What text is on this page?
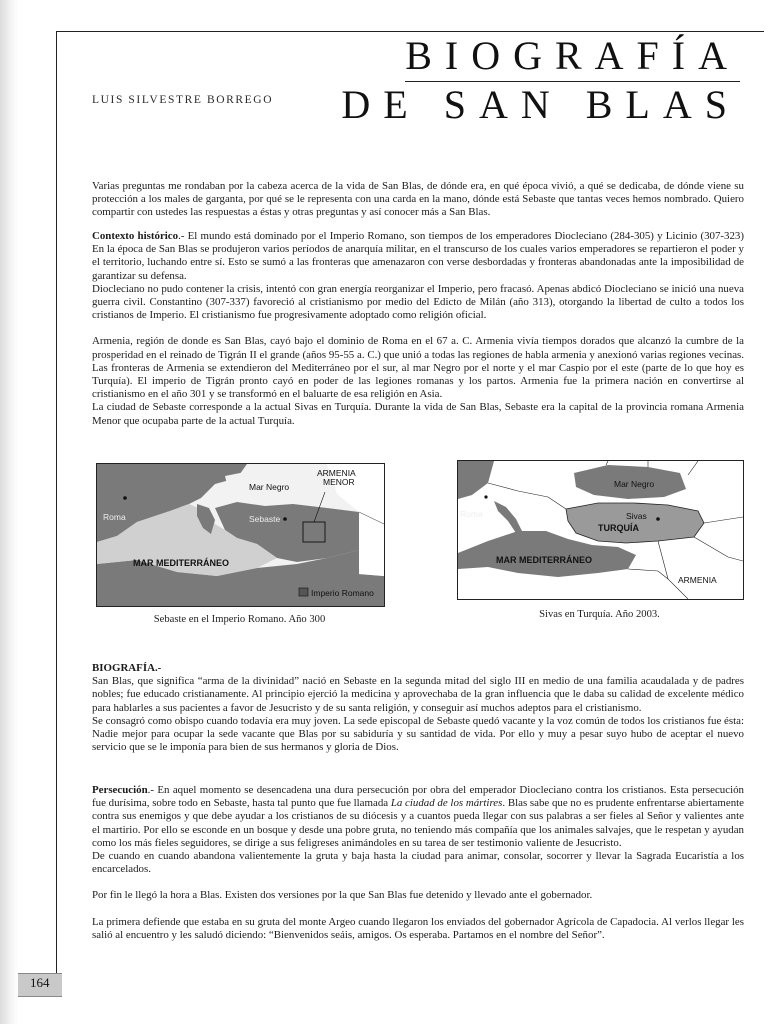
LUIS SILVESTRE BORREGO
BIOGRAFÍA
DE SAN BLAS

Varias preguntas me rondaban por la cabeza acerca de la vida de San Blas, de dónde era, en qué época vivió, a qué se dedicaba, de dónde viene su protección a los males de garganta, por qué se le representa con una carda en la mano, dónde está Sebaste que tantas veces hemos nombrado. Quiero compartir con ustedes las respuestas a éstas y otras preguntas y así conocer más a San Blas.

Contexto histórico.- El mundo está dominado por el Imperio Romano, son tiempos de los emperadores Diocleciano (284-305) y Licinio (307-323) En la época de San Blas se produjeron varios períodos de anarquía militar, en el transcurso de los cuales varios emperadores se repartieron el poder y el territorio, luchando entre sí. Esto se sumó a las fronteras que amenazaron con verse desbordadas y fronteras abandonadas ante la imposibilidad de garantizar su defensa.

Diocleciano no pudo contener la crisis, intentó con gran energía reorganizar el Imperio, pero fracasó. Apenas abdicó Diocleciano se inició una nueva guerra civil. Constantino (307-337) favoreció al cristianismo por medio del Edicto de Milán (año 313), otorgando la libertad de culto a todos los cristianos de Imperio. El cristianismo fue progresivamente adoptado como religión oficial.

Armenia, región de donde es San Blas, cayó bajo el dominio de Roma en el 67 a. C. Armenia vivía tiempos dorados que alcanzó la cumbre de la prosperidad en el reinado de Tigrán II el grande (años 95-55 a. C.) que unió a todas las regiones de habla armenia y anexionó varias regiones vecinas. Las fronteras de Armenia se extendieron del Mediterráneo por el sur, al mar Negro por el norte y el mar Caspio por el este (parte de lo que hoy es Turquía). El imperio de Tigrán pronto cayó en poder de las legiones romanas y los partos. Armenia fue la primera nación en convertirse al cristianismo en el año 301 y se transformó en el baluarte de esa religión en Asia.

La ciudad de Sebaste corresponde a la actual Sivas en Turquía. Durante la vida de San Blas, Sebaste era la capital de la provincia romana Armenia Menor que ocupaba parte de la actual Turquía.

Roma
Mar Negro
ARMENIA
MENOR
Sebaste
MAR MEDITERRÁNEO
Imperio Romano
Sebaste en el Imperio Romano. Año 300
Roma
Mar Negro
Sivas
TURQUÍA
MAR MEDITERRÁNEO
ARMENIA
Sivas en Turquía. Año 2003.

BIOGRAFÍA.-

San Blas, que significa “arma de la divinidad” nació en Sebaste en la segunda mitad del siglo III en medio de una familia acaudalada y de padres nobles; fue educado cristianamente. Al principio ejerció la medicina y aprovechaba de la gran influencia que le daba su calidad de excelente médico para hablarles a sus pacientes a favor de Jesucristo y de su santa religión, y conseguir así muchos adeptos para el cristianismo.

Se consagró como obispo cuando todavía era muy joven. La sede episcopal de Sebaste quedó vacante y la voz común de todos los cristianos fue ésta: Nadie mejor para ocupar la sede vacante que Blas por su sabiduría y su santidad de vida. Por ello y muy a pesar suyo hubo de aceptar el nuevo servicio que se le imponía para bien de sus hermanos y gloria de Dios.

Persecución.- En aquel momento se desencadena una dura persecución por obra del emperador Diocleciano contra los cristianos. Esta persecución fue durísima, sobre todo en Sebaste, hasta tal punto que fue llamada La ciudad de los mártires. Blas sabe que no es prudente enfrentarse abiertamente contra sus enemigos y que debe ayudar a los cristianos de su diócesis y a cuantos pueda llegar con sus palabras a ser fieles al Señor y valientes ante el martirio. Por ello se esconde en un bosque y desde una pobre gruta, no teniendo más compañía que los animales salvajes, que le respetan y ayudan como los más fieles seguidores, se dirige a sus feligreses animándoles en su tarea de ser testimonio valiente de Jesucristo.

De cuando en cuando abandona valientemente la gruta y baja hasta la ciudad para animar, consolar, socorrer y llevar la Sagrada Eucaristía a los encarcelados.

Por fin le llegó la hora a Blas. Existen dos versiones por la que San Blas fue detenido y llevado ante el gobernador.

La primera defiende que estaba en su gruta del monte Argeo cuando llegaron los enviados del gobernador Agrícola de Capadocia. Al verlos llegar les salió al encuentro y les saludó diciendo: “Bienvenidos seáis, amigos. Os esperaba. Partamos en el nombre del Señor”.

164
